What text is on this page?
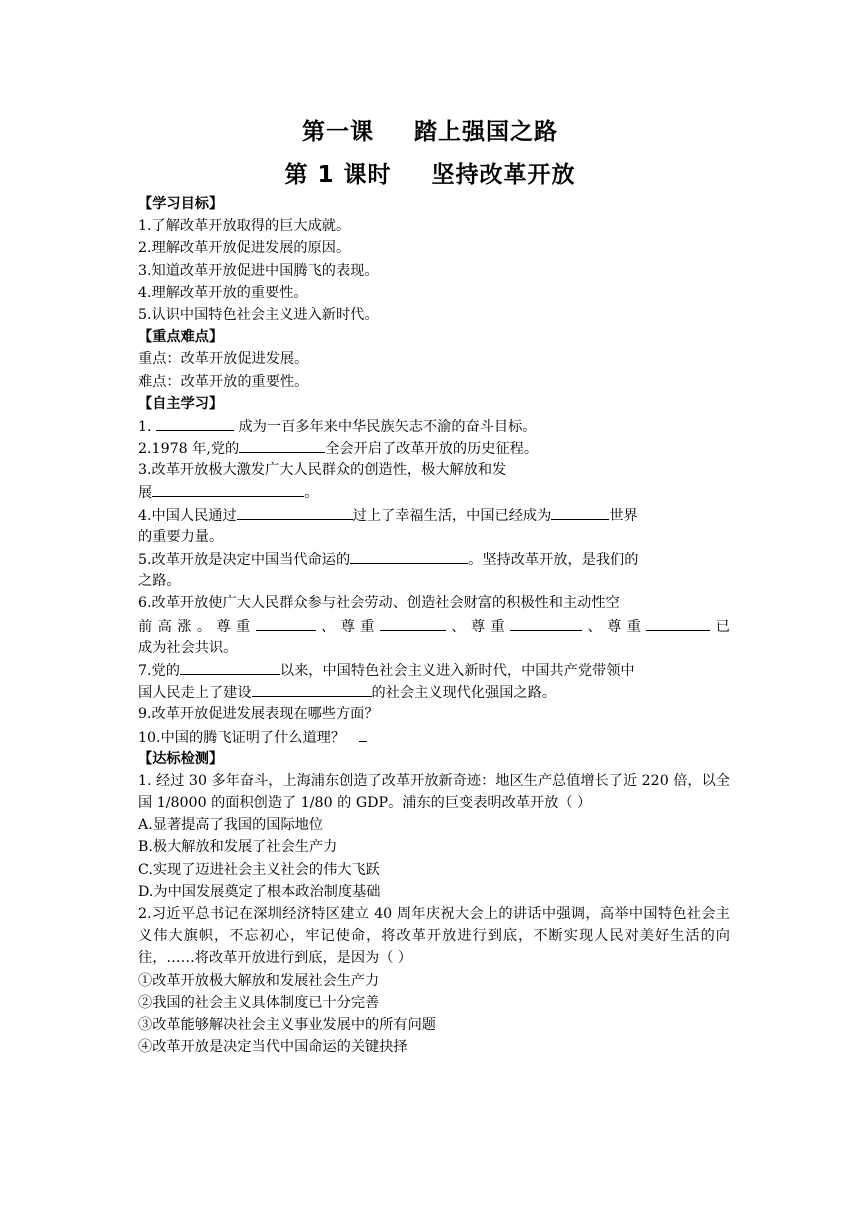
第一课 踏上强国之路
第 1 课时 坚持改革开放
【学习目标】
1.了解改革开放取得的巨大成就。
2.理解改革开放促进发展的原因。
3.知道改革开放促进中国腾飞的表现。
4.理解改革开放的重要性。
5.认识中国特色社会主义进入新时代。
【重点难点】
重点：改革开放促进发展。
难点：改革开放的重要性。
【自主学习】
1.	成为一百多年来中华民族矢志不渝的奋斗目标。
2.1978 年,党的	全会开启了改革开放的历史征程。
3.改革开放极大激发广大人民群众的创造性，极大解放和发
展	。
4.中国人民通过	过上了幸福生活，中国已经成为	世界
的重要力量。
5.改革开放是决定中国当代命运的	。坚持改革开放，是我们的
之路。
6.改革开放使广大人民群众参与社会劳动、创造社会财富的积极性和主动性空
前高涨。尊重	、尊重	、尊重	、尊重	已
成为社会共识。
7.党的	以来，中国特色社会主义进入新时代，中国共产党带领中
国人民走上了建设	的社会主义现代化强国之路。
9.改革开放促进发展表现在哪些方面？
10.中国的腾飞证明了什么道理？
【达标检测】
1. 经过 30 多年奋斗，上海浦东创造了改革开放新奇迹：地区生产总值增长了近 220 倍，以全国 1/8000 的面积创造了 1/80 的 GDP。浦东的巨变表明改革开放（ ）
A.显著提高了我国的国际地位
B.极大解放和发展了社会生产力
C.实现了迈进社会主义社会的伟大飞跃
D.为中国发展奠定了根本政治制度基础
2.习近平总书记在深圳经济特区建立 40 周年庆祝大会上的讲话中强调，高举中国特色社会主义伟大旗帜，不忘初心，牢记使命，将改革开放进行到底，不断实现人民对美好生活的向往，……将改革开放进行到底，是因为（ ）
①改革开放极大解放和发展社会生产力
②我国的社会主义具体制度已十分完善
③改革能够解决社会主义事业发展中的所有问题
④改革开放是决定当代中国命运的关键抉择
